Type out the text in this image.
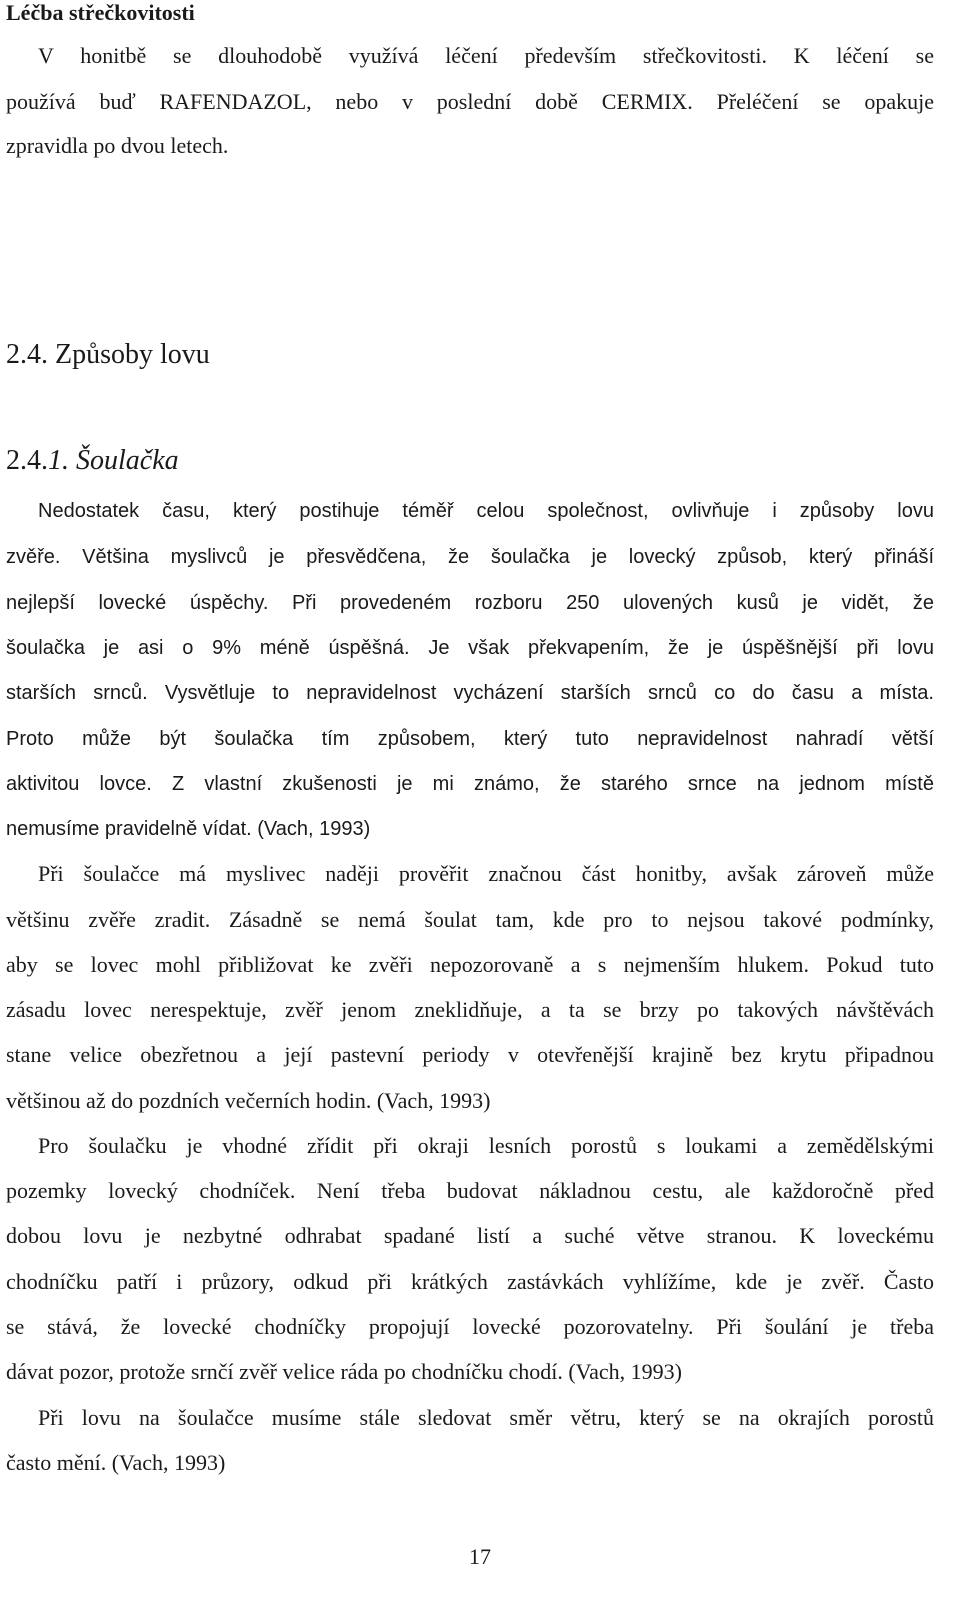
Léčba střečkovitosti
V honitbě se dlouhodobě využívá léčení především střečkovitosti. K léčení se
používá buď RAFENDAZOL, nebo v poslední době CERMIX. Přeléčení se opakuje
zpravidla po dvou letech.
2.4. Způsoby lovu
2.4.1. Šoulačka
Nedostatek času, který postihuje téměř celou společnost, ovlivňuje i způsoby lovu
zvěře. Většina myslivců je přesvědčena, že šoulačka je lovecký způsob, který přináší
nejlepší lovecké úspěchy. Při provedeném rozboru 250 ulovených kusů je vidět, že
šoulačka je asi o 9% méně úspěšná. Je však překvapením, že je úspěšnější při lovu
starších srnců. Vysvětluje to nepravidelnost vycházení starších srnců co do času a místa.
Proto může být šoulačka tím způsobem, který tuto nepravidelnost nahradí větší
aktivitou lovce. Z vlastní zkušenosti je mi známo, že starého srnce na jednom místě
nemusíme pravidelně vídat. (Vach, 1993)
Při šoulačce má myslivec naději prověřit značnou část honitby, avšak zároveň může
většinu zvěře zradit. Zásadně se nemá šoulat tam, kde pro to nejsou takové podmínky,
aby se lovec mohl přibližovat ke zvěři nepozorovaně a s nejmenším hlukem. Pokud tuto
zásadu lovec nerespektuje, zvěř jenom zneklidňuje, a ta se brzy po takových návštěvách
stane velice obezřetnou a její pastevní periody v otevřenější krajině bez krytu připadnou
většinou až do pozdních večerních hodin. (Vach, 1993)
Pro šoulačku je vhodné zřídit při okraji lesních porostů s loukami a zemědělskými
pozemky lovecký chodníček. Není třeba budovat nákladnou cestu, ale každoročně před
dobou lovu je nezbytné odhrabat spadané listí a suché větve stranou. K loveckému
chodníčku patří i průzory, odkud při krátkých zastávkách vyhlížíme, kde je zvěř. Často
se stává, že lovecké chodníčky propojují lovecké pozorovatelny. Při šoulání je třeba
dávat pozor, protože srnčí zvěř velice ráda po chodníčku chodí. (Vach, 1993)
Při lovu na šoulačce musíme stále sledovat směr větru, který se na okrajích porostů
často mění. (Vach, 1993)
17
